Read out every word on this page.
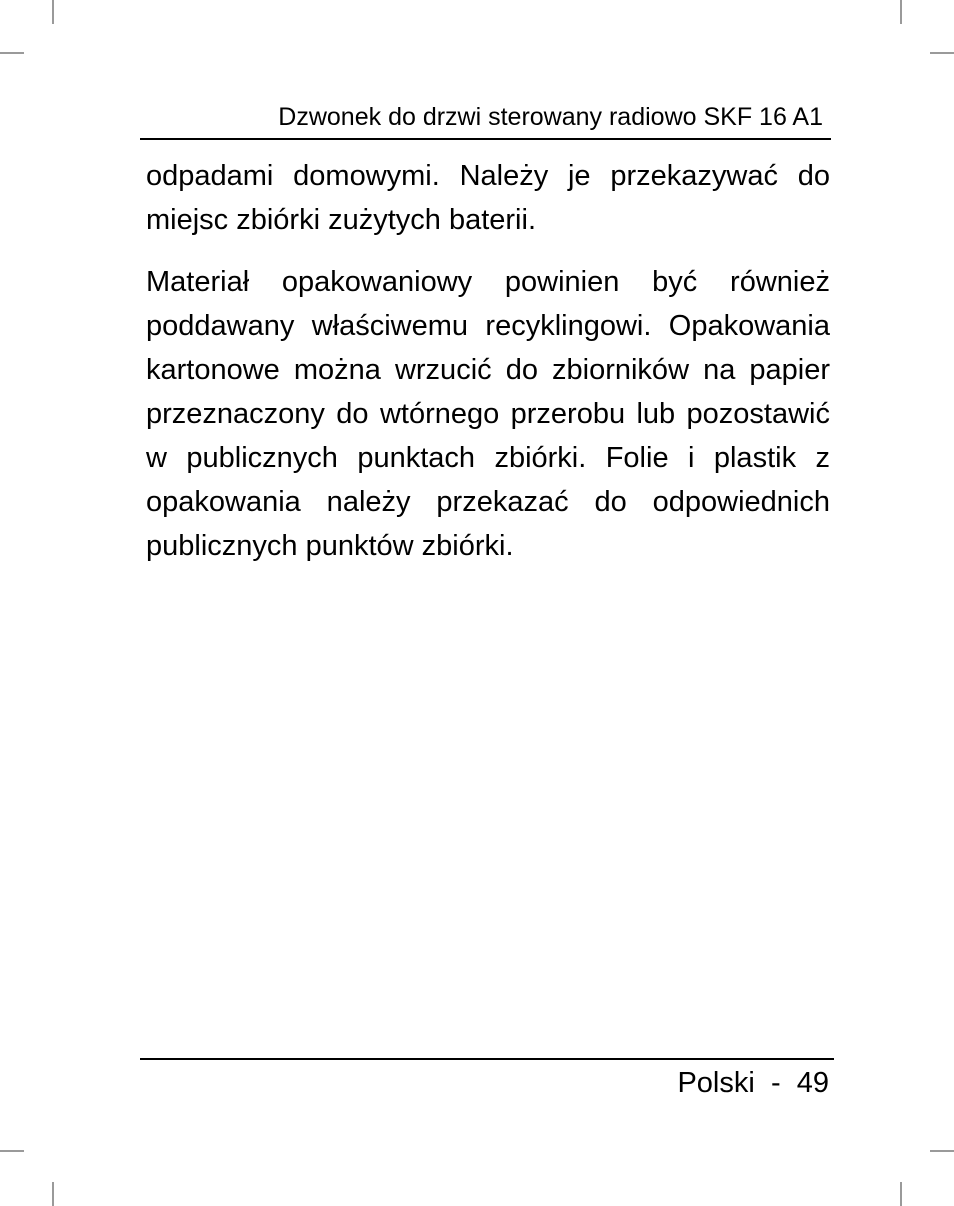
Dzwonek do drzwi sterowany radiowo SKF 16 A1

odpadami domowymi. Należy je przekazywać do miejsc zbiórki zużytych baterii.

Materiał opakowaniowy powinien być również poddawany właściwemu recyklingowi. Opakowania kartonowe można wrzucić do zbiorników na papier przeznaczony do wtórnego przerobu lub pozostawić w publicznych punktach zbiórki. Folie i plastik z opakowania należy przekazać do odpowiednich publicznych punktów zbiórki.

Polski - 49
